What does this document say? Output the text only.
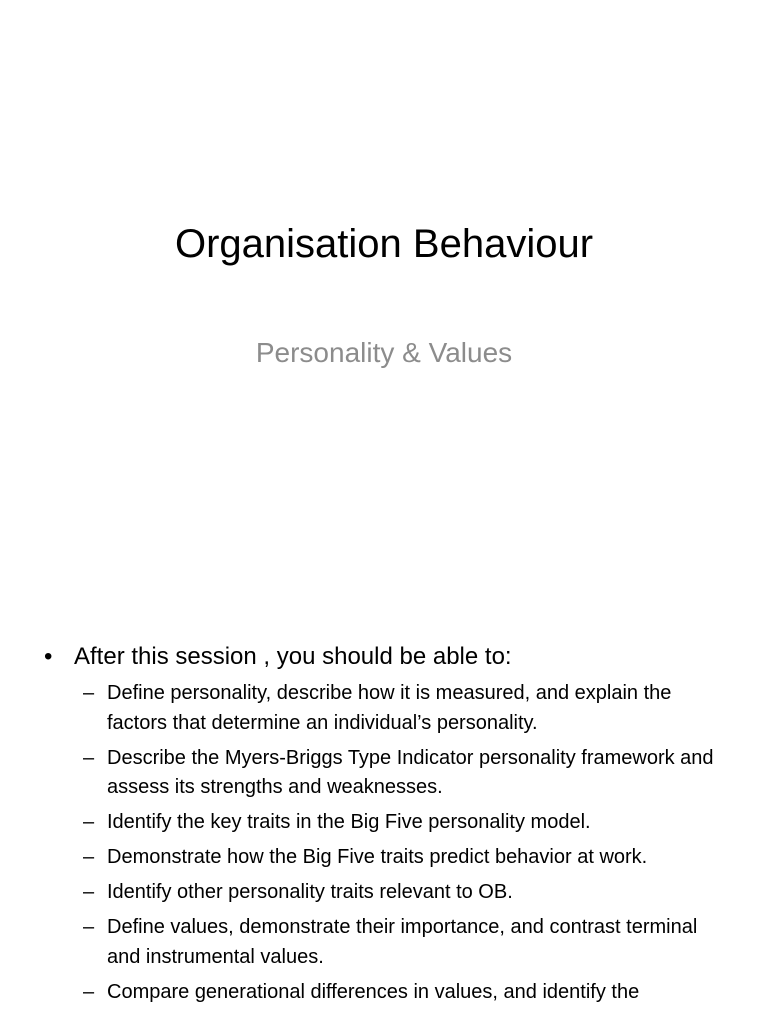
Organisation Behaviour

Personality & Values

• After this session , you should be able to:
– Define personality, describe how it is measured, and explain the factors that determine an individual’s personality.
– Describe the Myers-Briggs Type Indicator personality framework and assess its strengths and weaknesses.
– Identify the key traits in the Big Five personality model.
– Demonstrate how the Big Five traits predict behavior at work.
– Identify other personality traits relevant to OB.
– Define values, demonstrate their importance, and contrast terminal and instrumental values.
– Compare generational differences in values, and identify the
